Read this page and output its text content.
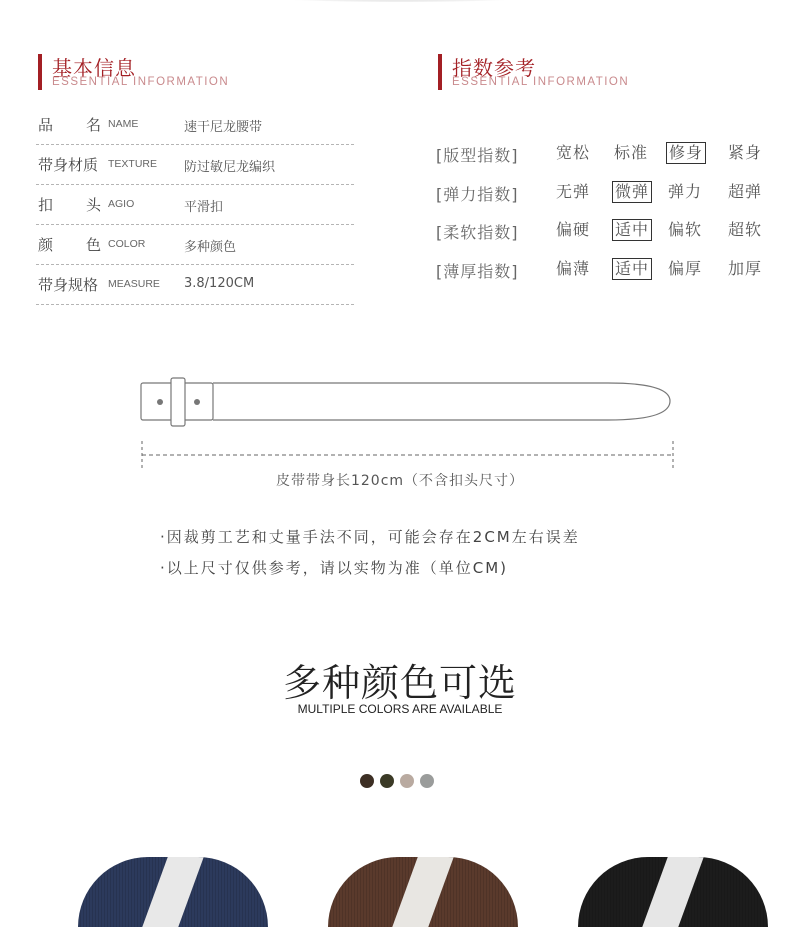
基本信息
ESSENTIAL INFORMATION
品 名 NAME	速干尼龙腰带
带身材质 TEXTURE 防过敏尼龙编织
扣 头 AGIO	平滑扣
颜 色 COLOR	多种颜色
带身规格 MEASURE 3.8/120CM
指数参考
ESSENTIAL INFORMATION
[版型指数] 宽松 标准 修身 紧身
[弹力指数] 无弹 微弹 弹力 超弹
[柔软指数] 偏硬 适中 偏软 超软
[薄厚指数] 偏薄 适中 偏厚 加厚
皮带带身长120cm（不含扣头尺寸）
·因裁剪工艺和丈量手法不同，可能会存在2CM左右误差
·以上尺寸仅供参考，请以实物为准（单位CM)
多种颜色可选
MULTIPLE COLORS ARE AVAILABLE
